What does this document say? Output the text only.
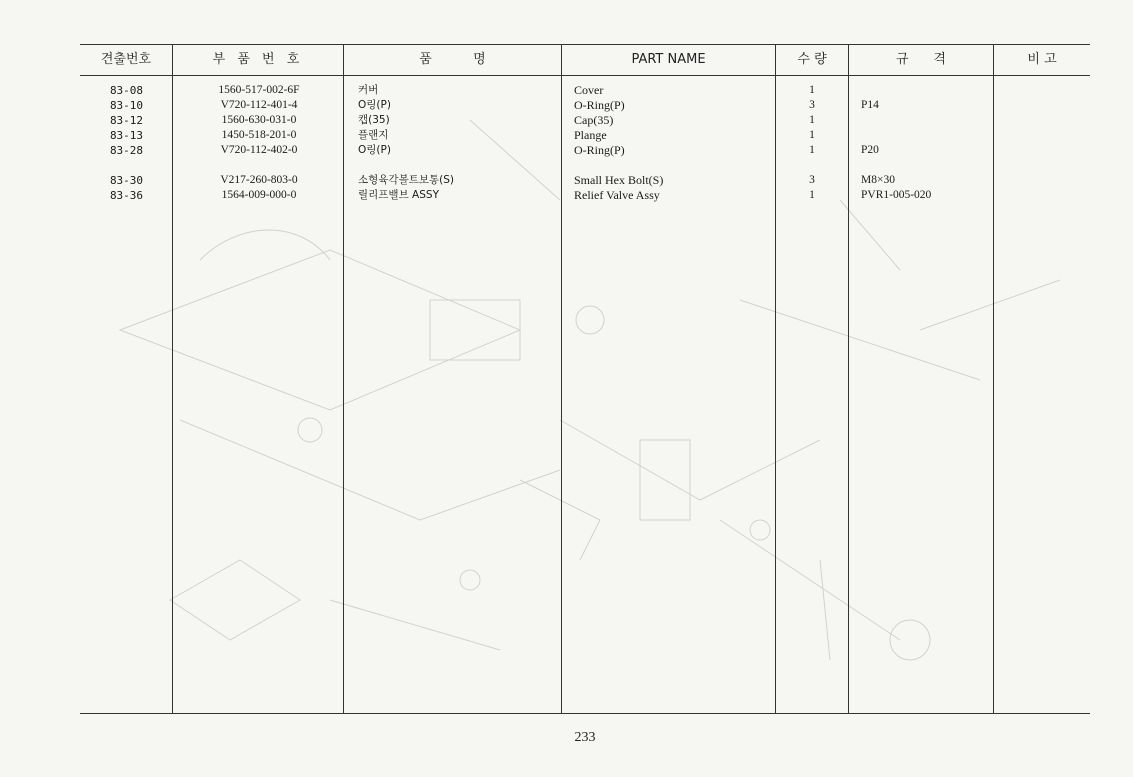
견출번호	부 품 번 호	품          명	PART NAME	수 량	규      격	비 고
83-08	1560-517-002-6F	커버	Cover	1
83-10	V720-112-401-4	O링(P)	O-Ring(P)	3	P14
83-12	1560-630-031-0	캡(35)	Cap(35)	1
83-13	1450-518-201-0	플랜지	Plange	1
83-28	V720-112-402-0	O링(P)	O-Ring(P)	1	P20
83-30	V217-260-803-0	소형육각볼트보통(S)	Small Hex Bolt(S)	3	M8×30
83-36	1564-009-000-0	릴리프밸브 ASSY	Relief Valve Assy	1	PVR1-005-020
233
